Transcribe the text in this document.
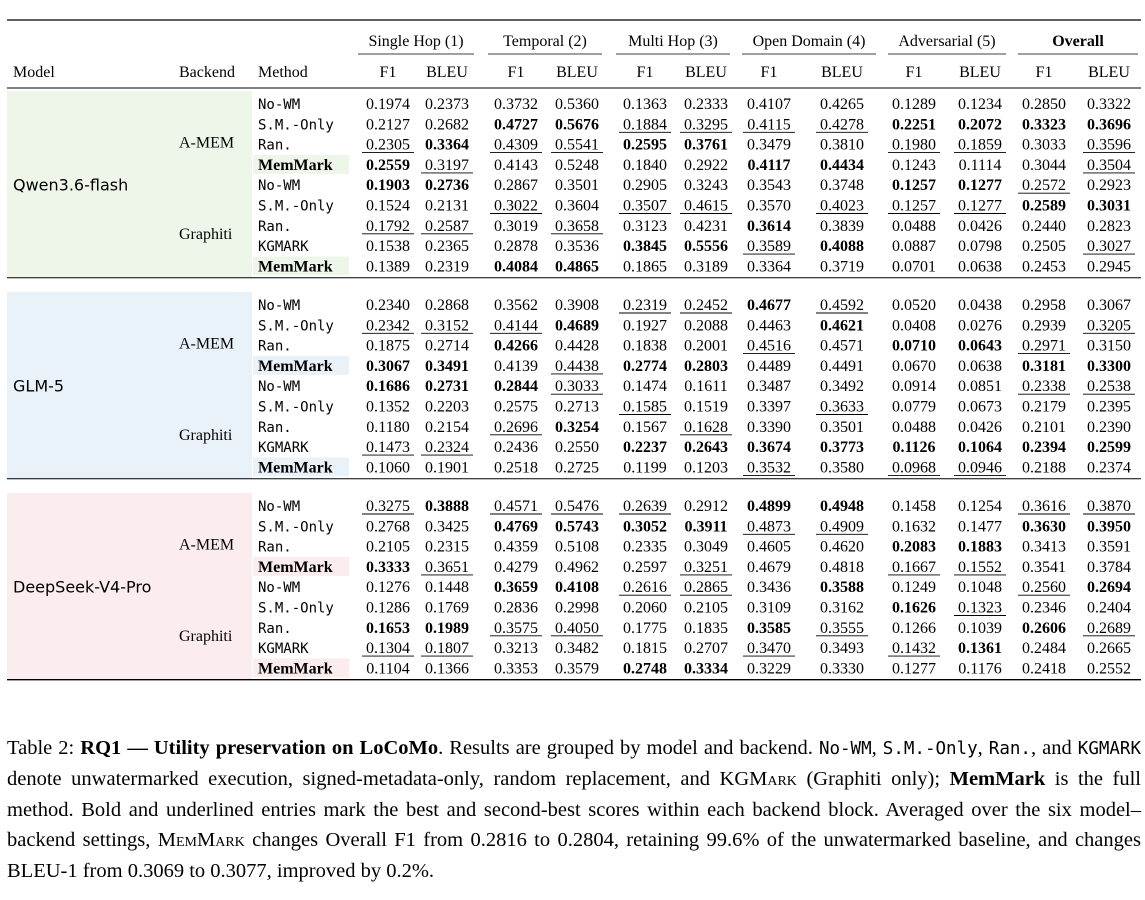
Single Hop (1) Temporal (2)	Multi Hop (3) Open Domain (4) Adversarial (5)	Overall
Model	Backend Method	F1 BLEU F1 BLEU F1 BLEU F1	BLEU	F1 BLEU F1 BLEU
Qwen3.6-flash
A-MEM
No-WM	0.1974 0.2373 0.3732 0.5360 0.1363 0.2333 0.4107 0.4265 0.1289 0.1234 0.2850 0.3322
S.M.-Only 0.2127 0.2682 0.4727 0.5676 0.1884 0.3295 0.4115 0.4278 0.2251 0.2072 0.3323 0.3696
Ran.	0.2305 0.3364 0.4309 0.5541 0.2595 0.3761 0.3479 0.3810 0.1980 0.1859 0.3033 0.3596
MemMark 0.2559 0.3197 0.4143 0.5248 0.1840 0.2922 0.4117 0.4434 0.1243 0.1114 0.3044 0.3504
Graphiti
No-WM	0.1903 0.2736 0.2867 0.3501 0.2905 0.3243 0.3543 0.3748 0.1257 0.1277 0.2572 0.2923
S.M.-Only 0.1524 0.2131 0.3022 0.3604 0.3507 0.4615 0.3570 0.4023 0.1257 0.1277 0.2589 0.3031
Ran.	0.1792 0.2587 0.3019 0.3658 0.3123 0.4231 0.3614 0.3839 0.0488 0.0426 0.2440 0.2823
KGMARK	0.1538 0.2365 0.2878 0.3536 0.3845 0.5556 0.3589 0.4088 0.0887 0.0798 0.2505 0.3027
MemMark 0.1389 0.2319 0.4084 0.4865 0.1865 0.3189 0.3364 0.3719 0.0701 0.0638 0.2453 0.2945
GLM-5
A-MEM
No-WM	0.2340 0.2868 0.3562 0.3908 0.2319 0.2452 0.4677 0.4592 0.0520 0.0438 0.2958 0.3067
S.M.-Only 0.2342 0.3152 0.4144 0.4689 0.1927 0.2088 0.4463 0.4621 0.0408 0.0276 0.2939 0.3205
Ran.	0.1875 0.2714 0.4266 0.4428 0.1838 0.2001 0.4516 0.4571 0.0710 0.0643 0.2971 0.3150
MemMark 0.3067 0.3491 0.4139 0.4438 0.2774 0.2803 0.4489 0.4491 0.0670 0.0638 0.3181 0.3300
Graphiti
No-WM	0.1686 0.2731 0.2844 0.3033 0.1474 0.1611 0.3487 0.3492 0.0914 0.0851 0.2338 0.2538
S.M.-Only 0.1352 0.2203 0.2575 0.2713 0.1585 0.1519 0.3397 0.3633 0.0779 0.0673 0.2179 0.2395
Ran.	0.1180 0.2154 0.2696 0.3254 0.1567 0.1628 0.3390 0.3501 0.0488 0.0426 0.2101 0.2390
KGMARK	0.1473 0.2324 0.2436 0.2550 0.2237 0.2643 0.3674 0.3773 0.1126 0.1064 0.2394 0.2599
MemMark 0.1060 0.1901 0.2518 0.2725 0.1199 0.1203 0.3532 0.3580 0.0968 0.0946 0.2188 0.2374
DeepSeek-V4-Pro
A-MEM
No-WM	0.3275 0.3888 0.4571 0.5476 0.2639 0.2912 0.4899 0.4948 0.1458 0.1254 0.3616 0.3870
S.M.-Only 0.2768 0.3425 0.4769 0.5743 0.3052 0.3911 0.4873 0.4909 0.1632 0.1477 0.3630 0.3950
Ran.	0.2105 0.2315 0.4359 0.5108 0.2335 0.3049 0.4605 0.4620 0.2083 0.1883 0.3413 0.3591
MemMark 0.3333 0.3651 0.4279 0.4962 0.2597 0.3251 0.4679 0.4818 0.1667 0.1552 0.3541 0.3784
Graphiti
No-WM	0.1276 0.1448 0.3659 0.4108 0.2616 0.2865 0.3436 0.3588 0.1249 0.1048 0.2560 0.2694
S.M.-Only 0.1286 0.1769 0.2836 0.2998 0.2060 0.2105 0.3109 0.3162 0.1626 0.1323 0.2346 0.2404
Ran.	0.1653 0.1989 0.3575 0.4050 0.1775 0.1835 0.3585 0.3555 0.1266 0.1039 0.2606 0.2689
KGMARK	0.1304 0.1807 0.3213 0.3482 0.1815 0.2707 0.3470 0.3493 0.1432 0.1361 0.2484 0.2665
MemMark 0.1104 0.1366 0.3353 0.3579 0.2748 0.3334 0.3229 0.3330 0.1277 0.1176 0.2418 0.2552

Table 2: RQ1 — Utility preservation on LoCoMo. Results are grouped by model and backend. No-WM, S.M.-Only, Ran., and KGMARK denote unwatermarked execution, signed-metadata-only, random replacement, and KGMark (Graphiti only); MemMark is the full method. Bold and underlined entries mark the best and second-best scores within each backend block. Averaged over the six model–backend settings, MemMark changes Overall F1 from 0.2816 to 0.2804, retaining 99.6% of the unwatermarked baseline, and changes BLEU-1 from 0.3069 to 0.3077, improved by 0.2%.
